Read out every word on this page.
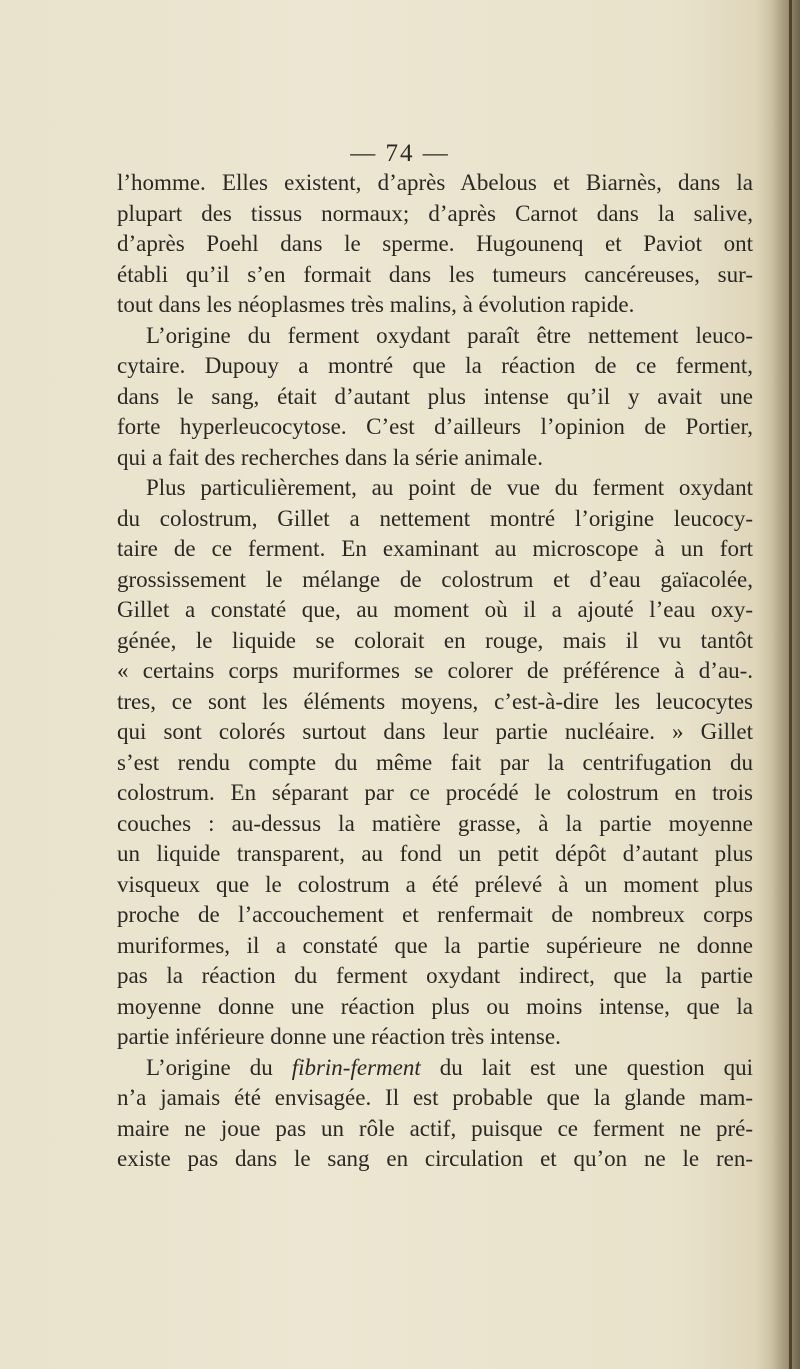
— 74 —
l’homme. Elles existent, d’après Abelous et Biarnès, dans la
plupart des tissus normaux; d’après Carnot dans la salive,
d’après Poehl dans le sperme. Hugounenq et Paviot ont
établi qu’il s’en formait dans les tumeurs cancéreuses, sur-
tout dans les néoplasmes très malins, à évolution rapide.
L’origine du ferment oxydant paraît être nettement leuco-
cytaire. Dupouy a montré que la réaction de ce ferment,
dans le sang, était d’autant plus intense qu’il y avait une
forte hyperleucocytose. C’est d’ailleurs l’opinion de Portier,
qui a fait des recherches dans la série animale.
Plus particulièrement, au point de vue du ferment oxydant
du colostrum, Gillet a nettement montré l’origine leucocy-
taire de ce ferment. En examinant au microscope à un fort
grossissement le mélange de colostrum et d’eau gaïacolée,
Gillet a constaté que, au moment où il a ajouté l’eau oxy-
génée, le liquide se colorait en rouge, mais il vu tantôt
« certains corps muriformes se colorer de préférence à d’au-.
tres, ce sont les éléments moyens, c’est-à-dire les leucocytes
qui sont colorés surtout dans leur partie nucléaire. » Gillet
s’est rendu compte du même fait par la centrifugation du
colostrum. En séparant par ce procédé le colostrum en trois
couches : au-dessus la matière grasse, à la partie moyenne
un liquide transparent, au fond un petit dépôt d’autant plus
visqueux que le colostrum a été prélevé à un moment plus
proche de l’accouchement et renfermait de nombreux corps
muriformes, il a constaté que la partie supérieure ne donne
pas la réaction du ferment oxydant indirect, que la partie
moyenne donne une réaction plus ou moins intense, que la
partie inférieure donne une réaction très intense.
L’origine du fibrin-ferment du lait est une question qui
n’a jamais été envisagée. Il est probable que la glande mam-
maire ne joue pas un rôle actif, puisque ce ferment ne pré-
existe pas dans le sang en circulation et qu’on ne le ren-
